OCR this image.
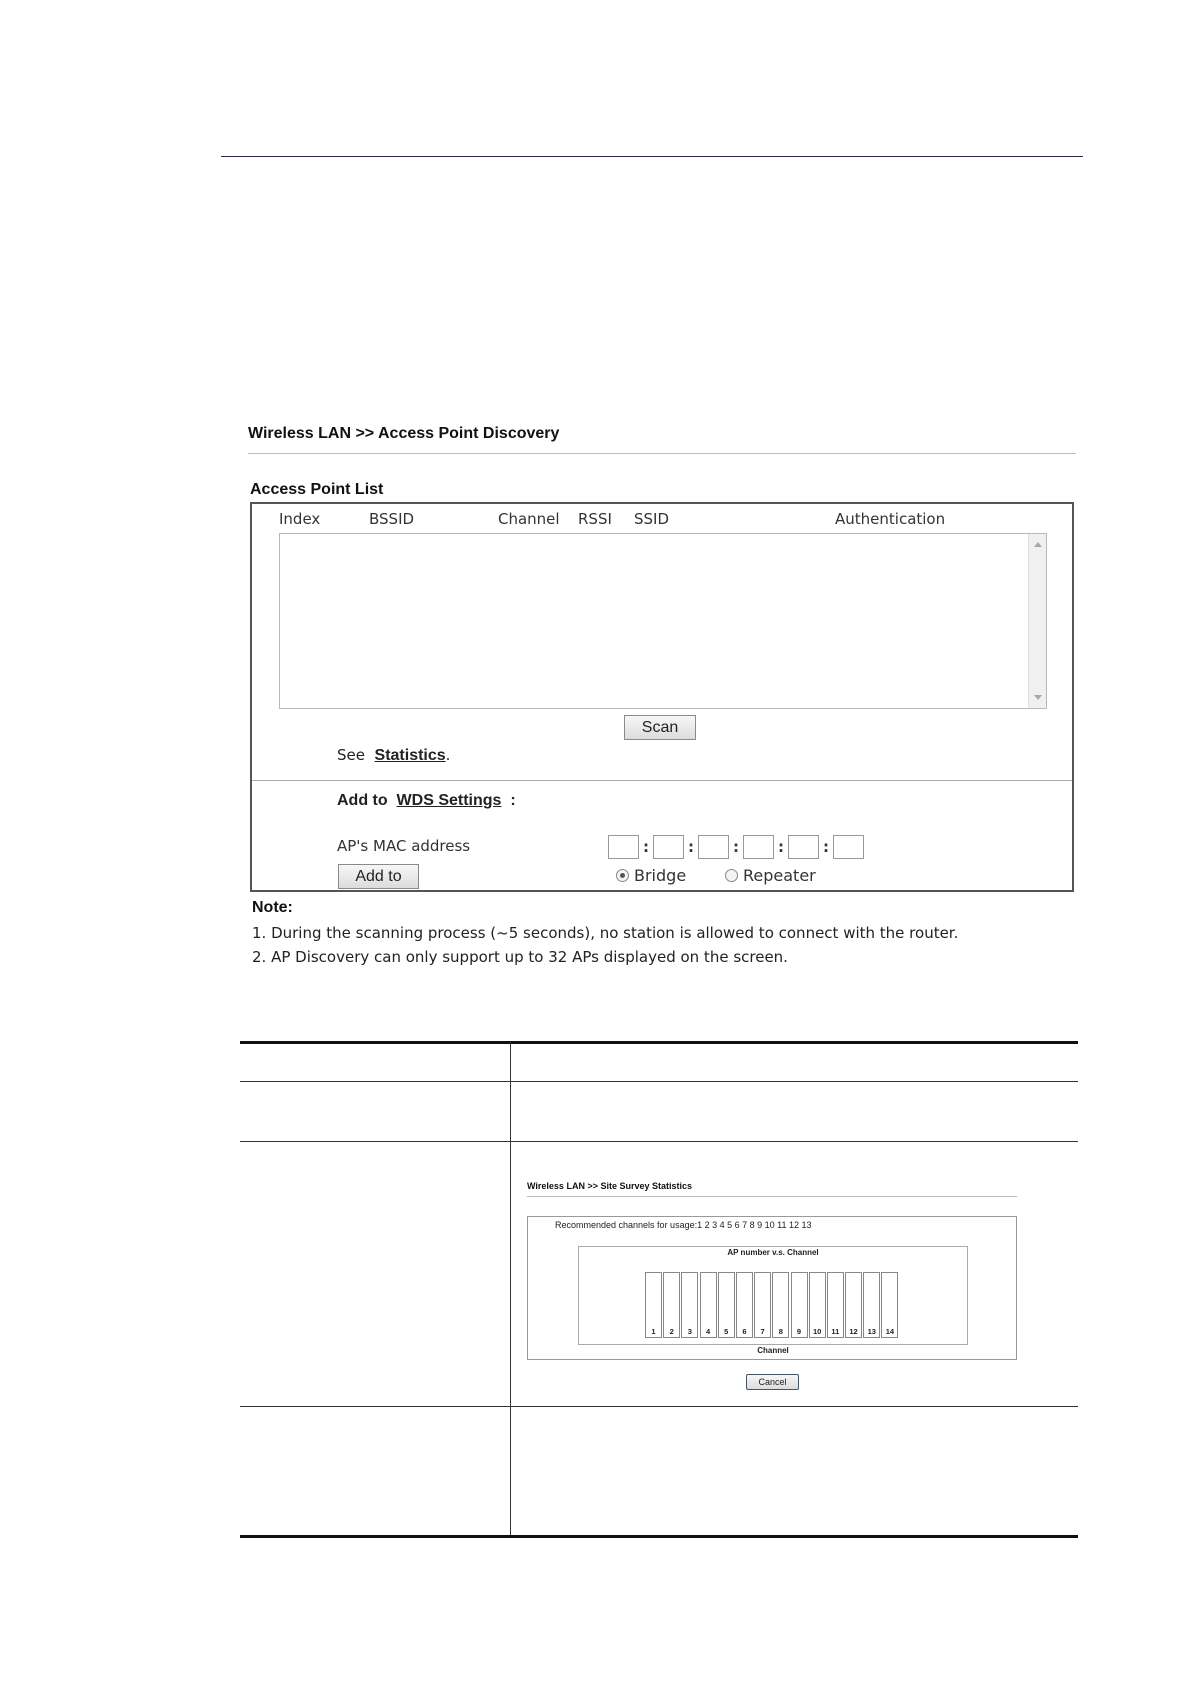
Wireless LAN >> Access Point Discovery
Access Point List
Index	BSSID	Channel RSSI SSID	Authentication
Scan
See Statistics.
Add to WDS Settings :
AP's MAC address	:	:	:	:	:
Add to	Bridge	Repeater
Note:
1. During the scanning process (~5 seconds), no station is allowed to connect with the router.
2. AP Discovery can only support up to 32 APs displayed on the screen.
Wireless LAN >> Site Survey Statistics
Recommended channels for usage:1 2 3 4 5 6 7 8 9 10 11 12 13
AP number v.s. Channel
1	2	3	4	5	6	7	8	9	10	11	12	13	14
Channel
Cancel
